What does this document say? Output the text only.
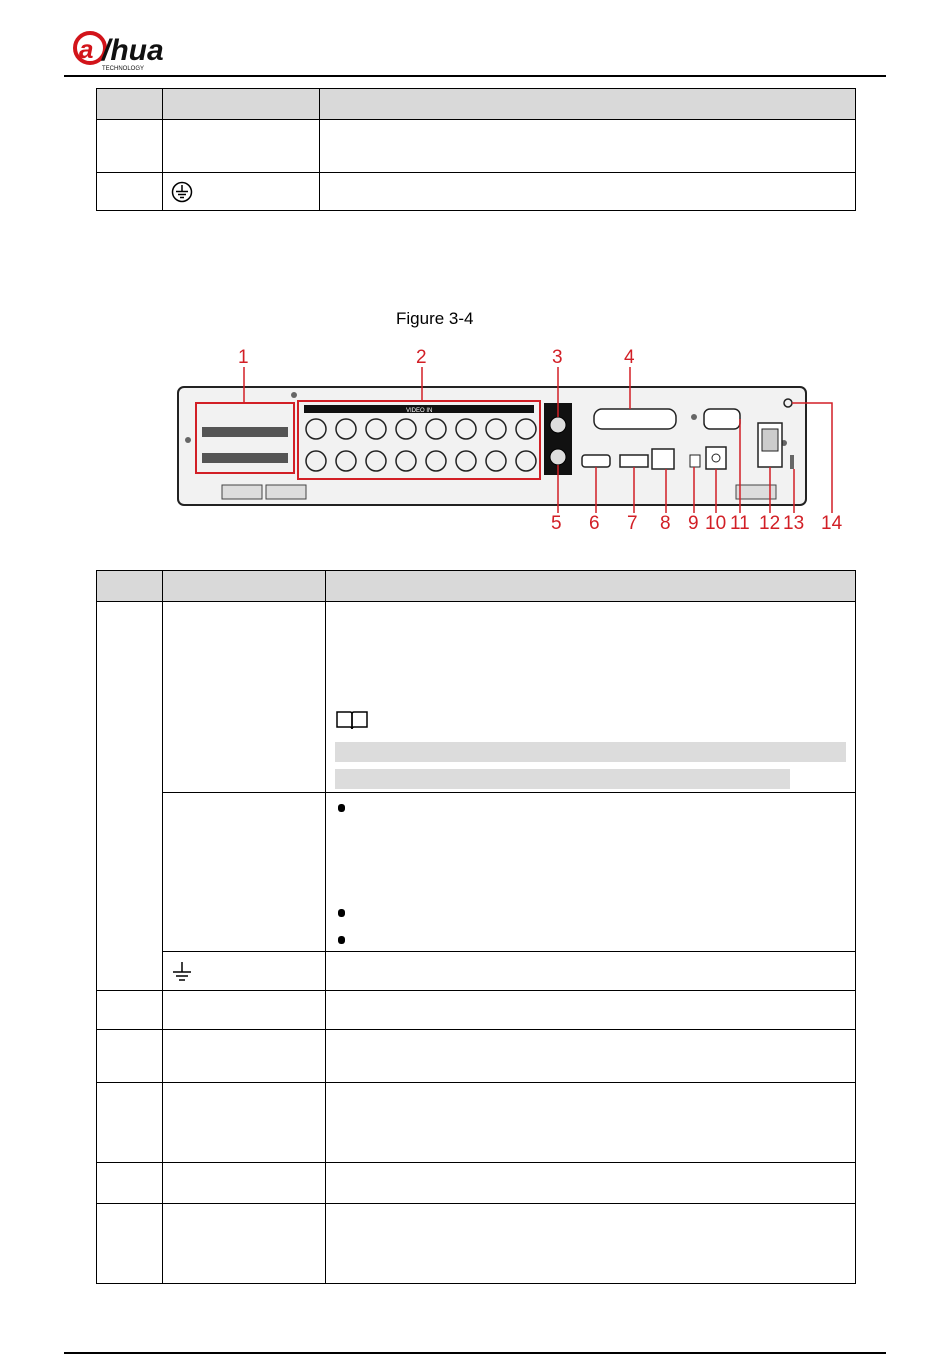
a /hua
TECHNOLOGY

Figure 3-4
VIDEO IN
1	2	3	4
5 6 7 8 9 10 11 12 13 14
